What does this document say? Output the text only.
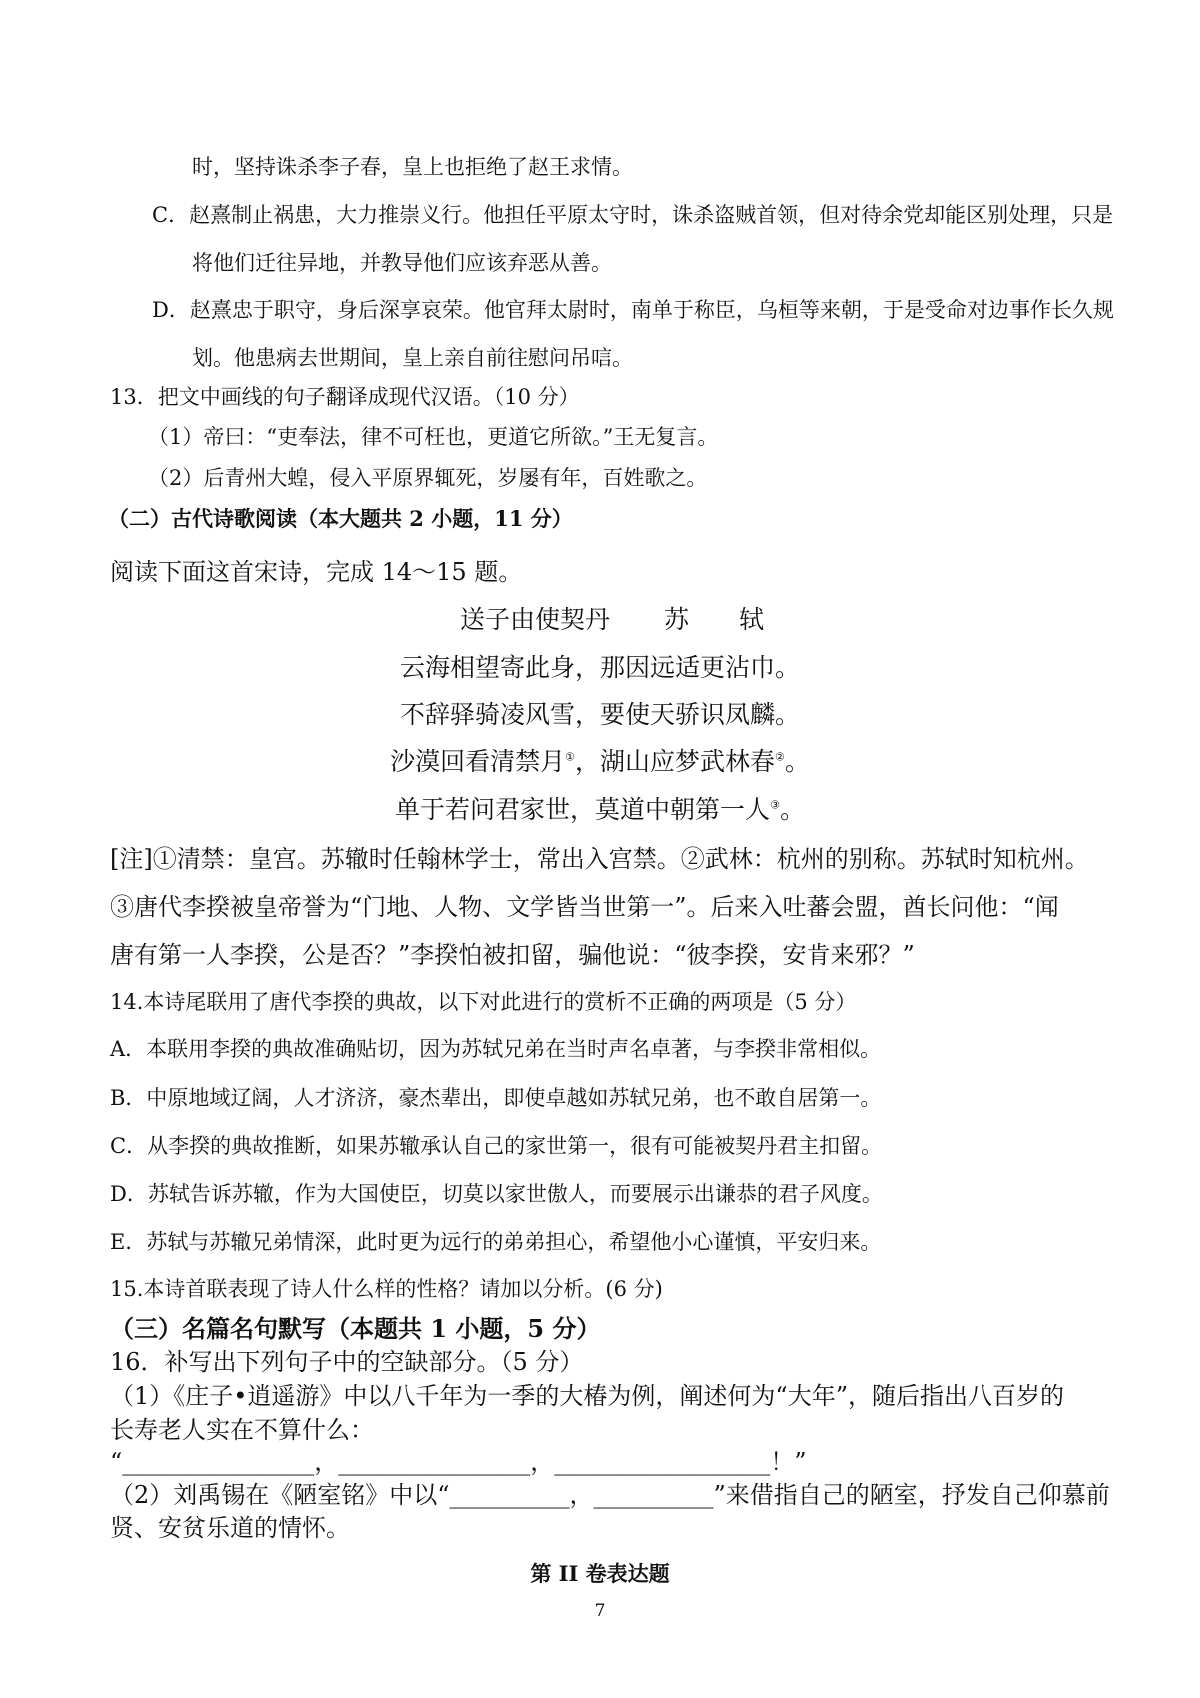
时，坚持诛杀李子春，皇上也拒绝了赵王求情。
C．赵熹制止祸患，大力推崇义行。他担任平原太守时，诛杀盗贼首领，但对待余党却能区别处理，只是
将他们迁往异地，并教导他们应该弃恶从善。
D．赵熹忠于职守，身后深享哀荣。他官拜太尉时，南单于称臣，乌桓等来朝，于是受命对边事作长久规
划。他患病去世期间，皇上亲自前往慰问吊唁。
13．把文中画线的句子翻译成现代汉语。（10 分）
（1）帝曰：“吏奉法，律不可枉也，更道它所欲。”王无复言。
（2）后青州大蝗，侵入平原界辄死，岁屡有年，百姓歌之。
（二）古代诗歌阅读（本大题共 2 小题，11 分）
阅读下面这首宋诗，完成 14～15 题。
送子由使契丹 苏　　轼
云海相望寄此身，那因远适更沾巾。
不辞驿骑凌风雪，要使天骄识凤麟。
沙漠回看清禁月①，湖山应梦武林春②。
单于若问君家世，莫道中朝第一人③。
[注]①清禁：皇宫。苏辙时任翰林学士，常出入宫禁。②武林：杭州的别称。苏轼时知杭州。
③唐代李揆被皇帝誉为“门地、人物、文学皆当世第一”。后来入吐蕃会盟，酋长问他：“闻
唐有第一人李揆，公是否？”李揆怕被扣留，骗他说：“彼李揆，安肯来邪？”
14.本诗尾联用了唐代李揆的典故，以下对此进行的赏析不正确的两项是（5 分）
A．本联用李揆的典故准确贴切，因为苏轼兄弟在当时声名卓著，与李揆非常相似。
B．中原地域辽阔，人才济济，豪杰辈出，即使卓越如苏轼兄弟，也不敢自居第一。
C．从李揆的典故推断，如果苏辙承认自己的家世第一，很有可能被契丹君主扣留。
D．苏轼告诉苏辙，作为大国使臣，切莫以家世傲人，而要展示出谦恭的君子风度。
E．苏轼与苏辙兄弟情深，此时更为远行的弟弟担心，希望他小心谨慎，平安归来。
15.本诗首联表现了诗人什么样的性格？请加以分析。(6 分)
（三）名篇名句默写（本题共 1 小题，5 分）
16．补写出下列句子中的空缺部分。（5 分）
（1）《庄子•逍遥游》中以八千年为一季的大椿为例，阐述何为“大年”，随后指出八百岁的
长寿老人实在不算什么：
“________________，________________，__________________！”
（2）刘禹锡在《陋室铭》中以“__________，__________”来借指自己的陋室，抒发自己仰慕前
贤、安贫乐道的情怀。
第 II 卷表达题
7
